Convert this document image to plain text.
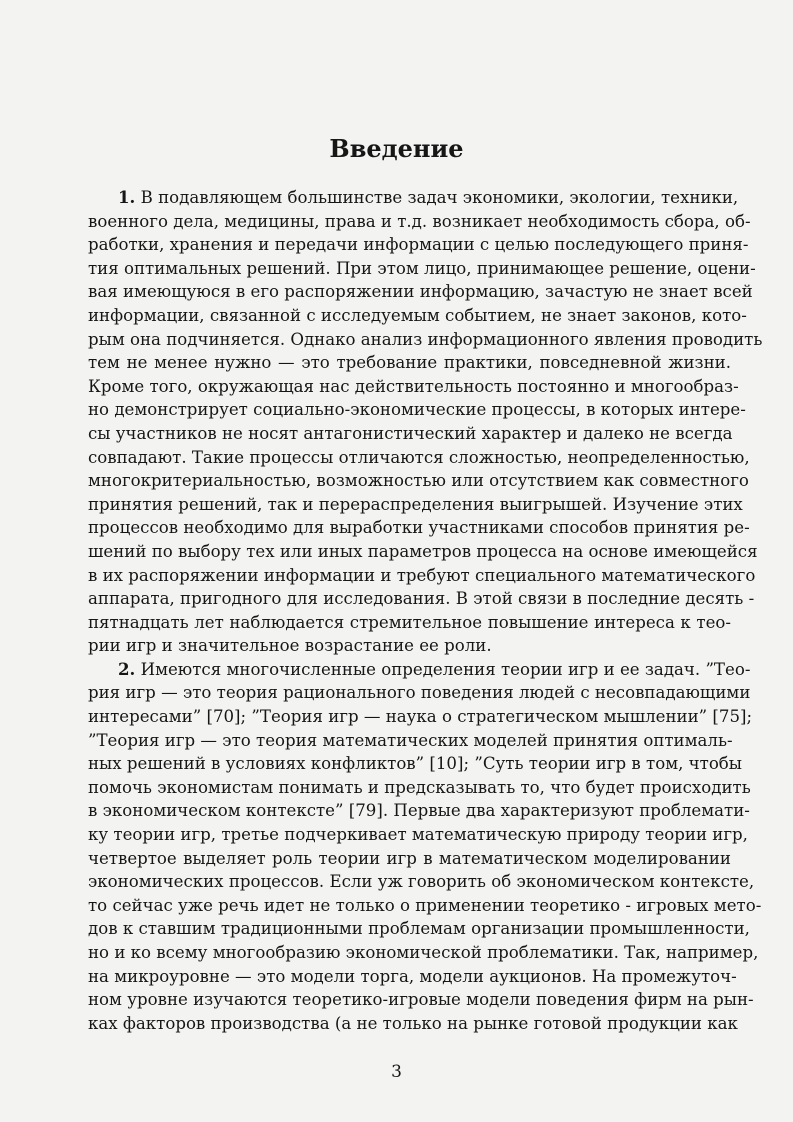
Введение
1. В подавляющем большинстве задач экономики, экологии, техники,
военного дела, медицины, права и т.д. возникает необходимость сбора, об-
работки, хранения и передачи информации с целью последующего приня-
тия оптимальных решений. При этом лицо, принимающее решение, оцени-
вая имеющуюся в его распоряжении информацию, зачастую не знает всей
информации, связанной с исследуемым событием, не знает законов, кото-
рым она подчиняется. Однако анализ информационного явления проводить
тем не менее нужно — это требование практики, повседневной жизни.
Кроме того, окружающая нас действительность постоянно и многообраз-
но демонстрирует социально-экономические процессы, в которых интере-
сы участников не носят антагонистический характер и далеко не всегда
совпадают. Такие процессы отличаются сложностью, неопределенностью,
многокритериальностью, возможностью или отсутствием как совместного
принятия решений, так и перераспределения выигрышей. Изучение этих
процессов необходимо для выработки участниками способов принятия ре-
шений по выбору тех или иных параметров процесса на основе имеющейся
в их распоряжении информации и требуют специального математического
аппарата, пригодного для исследования. В этой связи в последние десять -
пятнадцать лет наблюдается стремительное повышение интереса к тео-
рии игр и значительное возрастание ее роли.
2. Имеются многочисленные определения теории игр и ее задач. ”Тео-
рия игр — это теория рационального поведения людей с несовпадающими
интересами” [70]; ”Теория игр — наука о стратегическом мышлении” [75];
”Теория игр — это теория математических моделей принятия оптималь-
ных решений в условиях конфликтов” [10]; ”Суть теории игр в том, чтобы
помочь экономистам понимать и предсказывать то, что будет происходить
в экономическом контексте” [79]. Первые два характеризуют проблемати-
ку теории игр, третье подчеркивает математическую природу теории игр,
четвертое выделяет роль теории игр в математическом моделировании
экономических процессов. Если уж говорить об экономическом контексте,
то сейчас уже речь идет не только о применении теоретико - игровых мето-
дов к ставшим традиционными проблемам организации промышленности,
но и ко всему многообразию экономической проблематики. Так, например,
на микроуровне — это модели торга, модели аукционов. На промежуточ-
ном уровне изучаются теоретико-игровые модели поведения фирм на рын-
ках факторов производства (а не только на рынке готовой продукции как

3
